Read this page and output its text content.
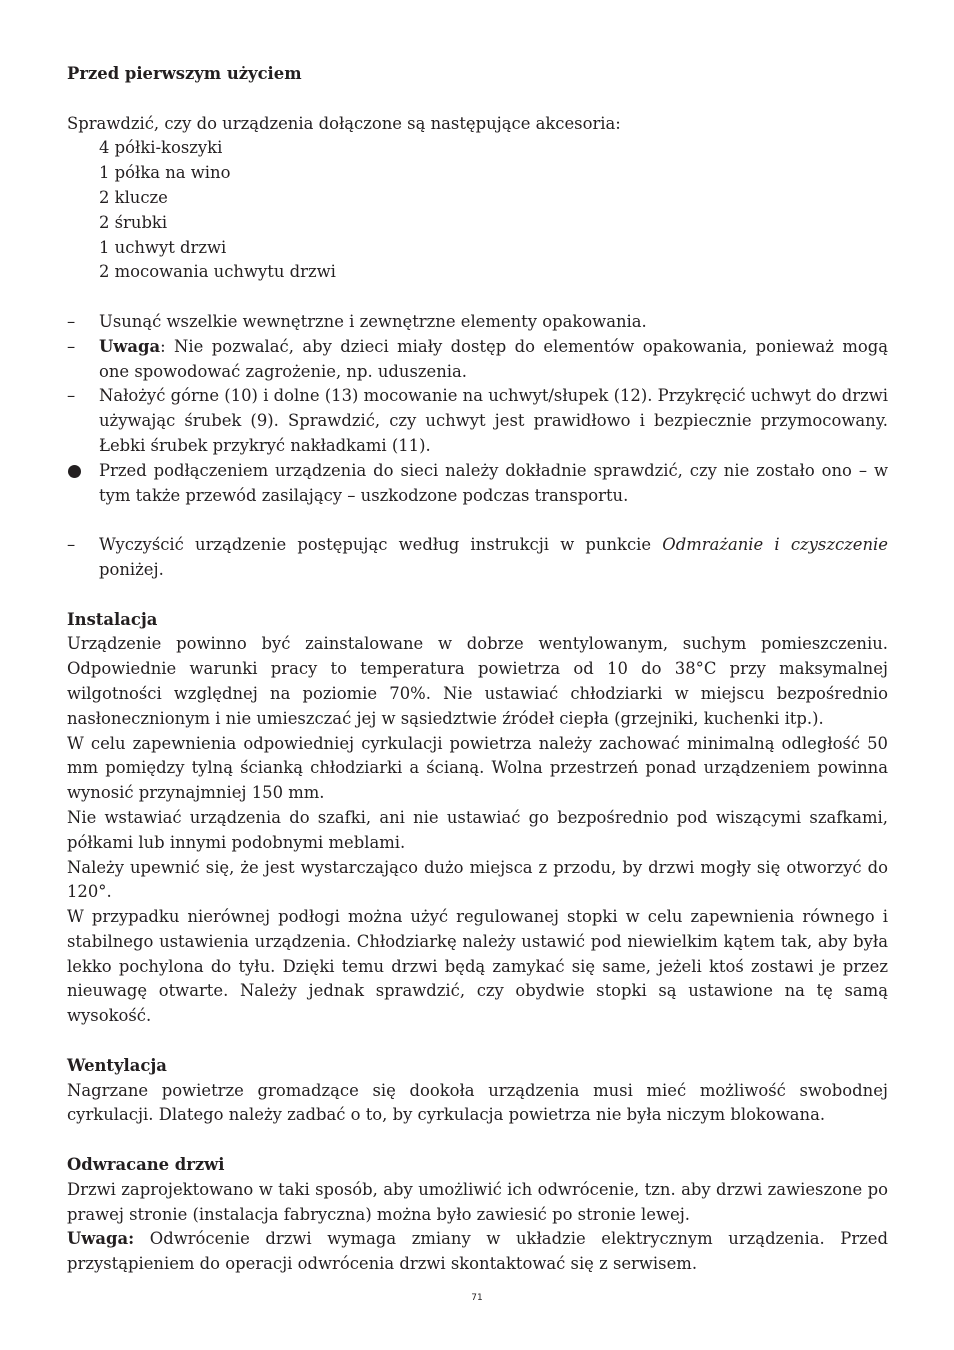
Przed pierwszym użyciem

Sprawdzić, czy do urządzenia dołączone są następujące akcesoria:

4 półki-koszyki

1 półka na wino

2 klucze

2 śrubki

1 uchwyt drzwi

2 mocowania uchwytu drzwi

–	Usunąć wszelkie wewnętrzne i zewnętrzne elementy opakowania.
–	Uwaga: Nie pozwalać, aby dzieci miały dostęp do elementów opakowania, ponieważ mogą one spowodować zagrożenie, np. uduszenia.
–	Nałożyć górne (10) i dolne (13) mocowanie na uchwyt/słupek (12). Przykręcić uchwyt do drzwi używając śrubek (9). Sprawdzić, czy uchwyt jest prawidłowo i bezpiecznie przymocowany. Łebki śrubek przykryć nakładkami (11).
Przed podłączeniem urządzenia do sieci należy dokładnie sprawdzić, czy nie zostało ono – w tym także przewód zasilający – uszkodzone podczas transportu.
–	Wyczyścić urządzenie postępując według instrukcji w punkcie Odmrażanie i czyszczenie poniżej.

Instalacja

Urządzenie powinno być zainstalowane w dobrze wentylowanym, suchym pomieszczeniu. Odpowiednie warunki pracy to temperatura powietrza od 10 do 38°C przy maksymalnej wilgotności względnej na poziomie 70%. Nie ustawiać chłodziarki w miejscu bezpośrednio nasłonecznionym i nie umieszczać jej w sąsiedztwie źródeł ciepła (grzejniki, kuchenki itp.).

W celu zapewnienia odpowiedniej cyrkulacji powietrza należy zachować minimalną odległość 50 mm pomiędzy tylną ścianką chłodziarki a ścianą. Wolna przestrzeń ponad urządzeniem powinna wynosić przynajmniej 150 mm.

Nie wstawiać urządzenia do szafki, ani nie ustawiać go bezpośrednio pod wiszącymi szafkami, półkami lub innymi podobnymi meblami.

Należy upewnić się, że jest wystarczająco dużo miejsca z przodu, by drzwi mogły się otworzyć do 120°.

W przypadku nierównej podłogi można użyć regulowanej stopki w celu zapewnienia równego i stabilnego ustawienia urządzenia. Chłodziarkę należy ustawić pod niewielkim kątem tak, aby była lekko pochylona do tyłu. Dzięki temu drzwi będą zamykać się same, jeżeli ktoś zostawi je przez nieuwagę otwarte. Należy jednak sprawdzić, czy obydwie stopki są ustawione na tę samą wysokość.

Wentylacja

Nagrzane powietrze gromadzące się dookoła urządzenia musi mieć możliwość swobodnej cyrkulacji. Dlatego należy zadbać o to, by cyrkulacja powietrza nie była niczym blokowana.

Odwracane drzwi

Drzwi zaprojektowano w taki sposób, aby umożliwić ich odwrócenie, tzn. aby drzwi zawieszone po prawej stronie (instalacja fabryczna) można było zawiesić po stronie lewej.

Uwaga: Odwrócenie drzwi wymaga zmiany w układzie elektrycznym urządzenia. Przed przystąpieniem do operacji odwrócenia drzwi skontaktować się z serwisem.

71
